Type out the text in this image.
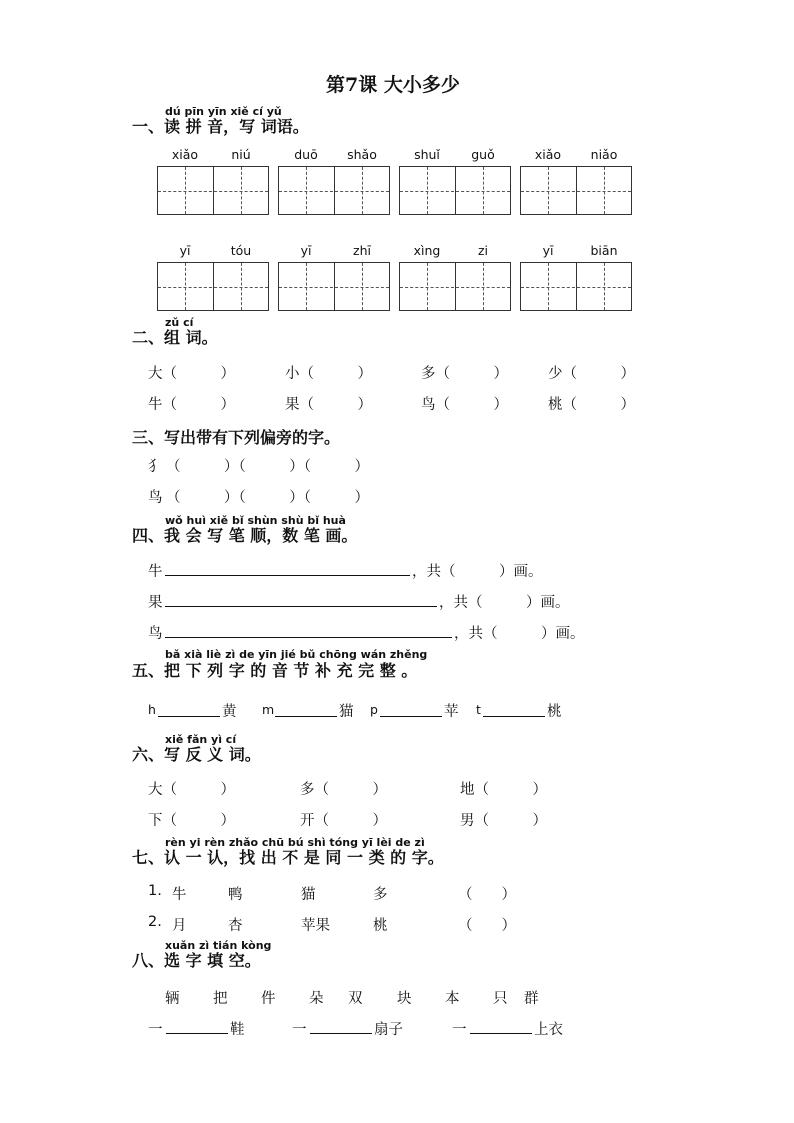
第7课 大小多少
dú pīn yīn xiě cí yǔ
一、读 拼 音，写 词语。
xiǎo	niú	duō	shǎo	shuǐ	guǒ	xiǎo	niǎo
yī	tóu	yī	zhī	xìng	zi	yī	biān
zǔ cí
二、组 词。
大（　　　）	小（　　　）	多（　　　）	少（　　　）
牛（　　　）	果（　　　）	鸟（　　　）	桃（　　　）
三、写出带有下列偏旁的字。
犭 （　　　）（　　　）（　　　）
鸟 （　　　）（　　　）（　　　）
wǒ huì xiě bǐ shùn shù bǐ huà
四、我 会 写 笔 顺，数 笔 画。
牛	，共（　　　）画。
果	，共（　　　）画。
鸟	，共（　　　）画。
bǎ xià liè zì de yīn jié bǔ chōng wán zhěng
五、把 下 列 字 的 音 节 补 充 完 整 。
h	黄 m	猫 p	苹 t	桃
xiě fǎn yì cí
六、写 反 义 词。
大（　　　）	多（　　　）	地（　　　）
下（　　　）	开（　　　）	男（　　　）
rèn yi rèn zhǎo chū bú shì tóng yī lèi de zì
七、认 一 认，找 出 不 是 同 一 类 的 字。
1. 牛	鸭	猫	多	（　　）
2. 月	杏	苹果	桃	（　　）
xuǎn zì tián kòng
八、选 字 填 空。
辆 把 件 朵 双 块 本 只 群
一	鞋	一	扇子	一	上衣
